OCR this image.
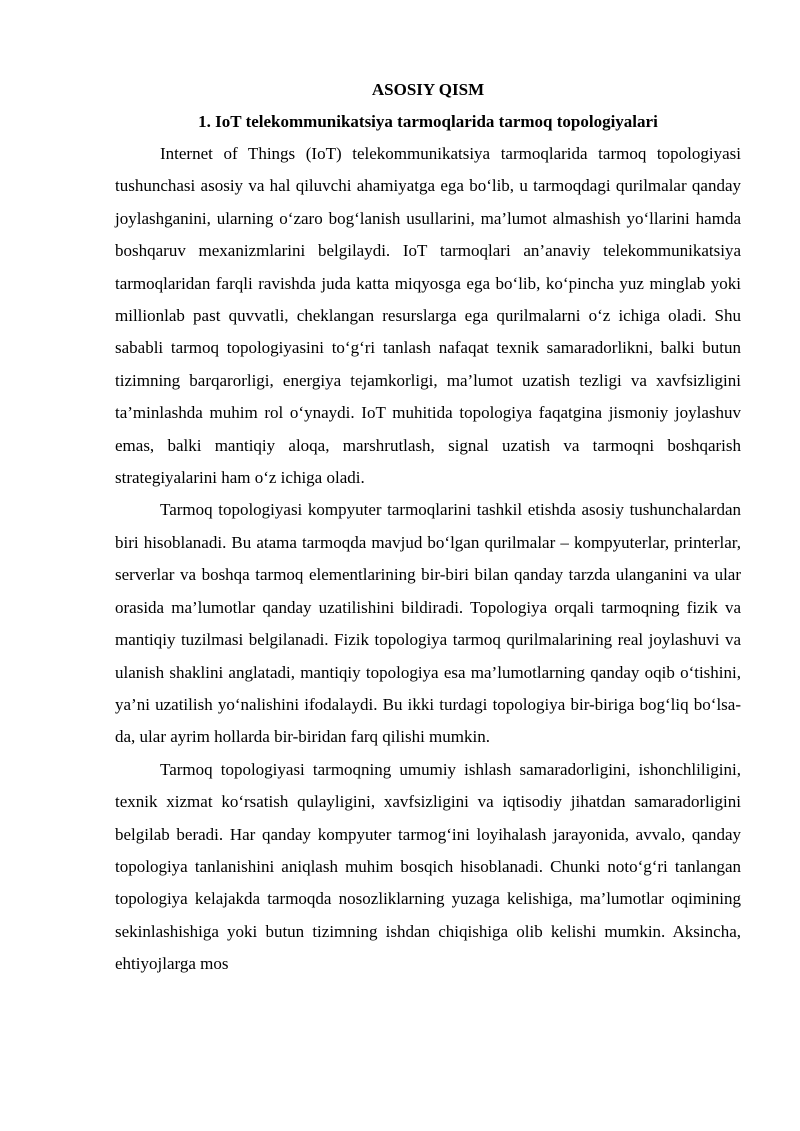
ASOSIY QISM

1. IoT telekommunikatsiya tarmoqlarida tarmoq topologiyalari

Internet of Things (IoT) telekommunikatsiya tarmoqlarida tarmoq topologiyasi tushunchasi asosiy va hal qiluvchi ahamiyatga ega bo‘lib, u tarmoqdagi qurilmalar qanday joylashganini, ularning o‘zaro bog‘lanish usullarini, ma’lumot almashish yo‘llarini hamda boshqaruv mexanizmlarini belgilaydi. IoT tarmoqlari an’anaviy telekommunikatsiya tarmoqlaridan farqli ravishda juda katta miqyosga ega bo‘lib, ko‘pincha yuz minglab yoki millionlab past quvvatli, cheklangan resurslarga ega qurilmalarni o‘z ichiga oladi. Shu sababli tarmoq topologiyasini to‘g‘ri tanlash nafaqat texnik samaradorlikni, balki butun tizimning barqarorligi, energiya tejamkorligi, ma’lumot uzatish tezligi va xavfsizligini ta’minlashda muhim rol o‘ynaydi. IoT muhitida topologiya faqatgina jismoniy joylashuv emas, balki mantiqiy aloqa, marshrutlash, signal uzatish va tarmoqni boshqarish strategiyalarini ham o‘z ichiga oladi.

Tarmoq topologiyasi kompyuter tarmoqlarini tashkil etishda asosiy tushunchalardan biri hisoblanadi. Bu atama tarmoqda mavjud bo‘lgan qurilmalar – kompyuterlar, printerlar, serverlar va boshqa tarmoq elementlarining bir-biri bilan qanday tarzda ulanganini va ular orasida ma’lumotlar qanday uzatilishini bildiradi. Topologiya orqali tarmoqning fizik va mantiqiy tuzilmasi belgilanadi. Fizik topologiya tarmoq qurilmalarining real joylashuvi va ulanish shaklini anglatadi, mantiqiy topologiya esa ma’lumotlarning qanday oqib o‘tishini, ya’ni uzatilish yo‘nalishini ifodalaydi. Bu ikki turdagi topologiya bir-biriga bog‘liq bo‘lsa-da, ular ayrim hollarda bir-biridan farq qilishi mumkin.

Tarmoq topologiyasi tarmoqning umumiy ishlash samaradorligini, ishonchliligini, texnik xizmat ko‘rsatish qulayligini, xavfsizligini va iqtisodiy jihatdan samaradorligini belgilab beradi. Har qanday kompyuter tarmog‘ini loyihalash jarayonida, avvalo, qanday topologiya tanlanishini aniqlash muhim bosqich hisoblanadi. Chunki noto‘g‘ri tanlangan topologiya kelajakda tarmoqda nosozliklarning yuzaga kelishiga, ma’lumotlar oqimining sekinlashishiga yoki butun tizimning ishdan chiqishiga olib kelishi mumkin. Aksincha, ehtiyojlarga mos
